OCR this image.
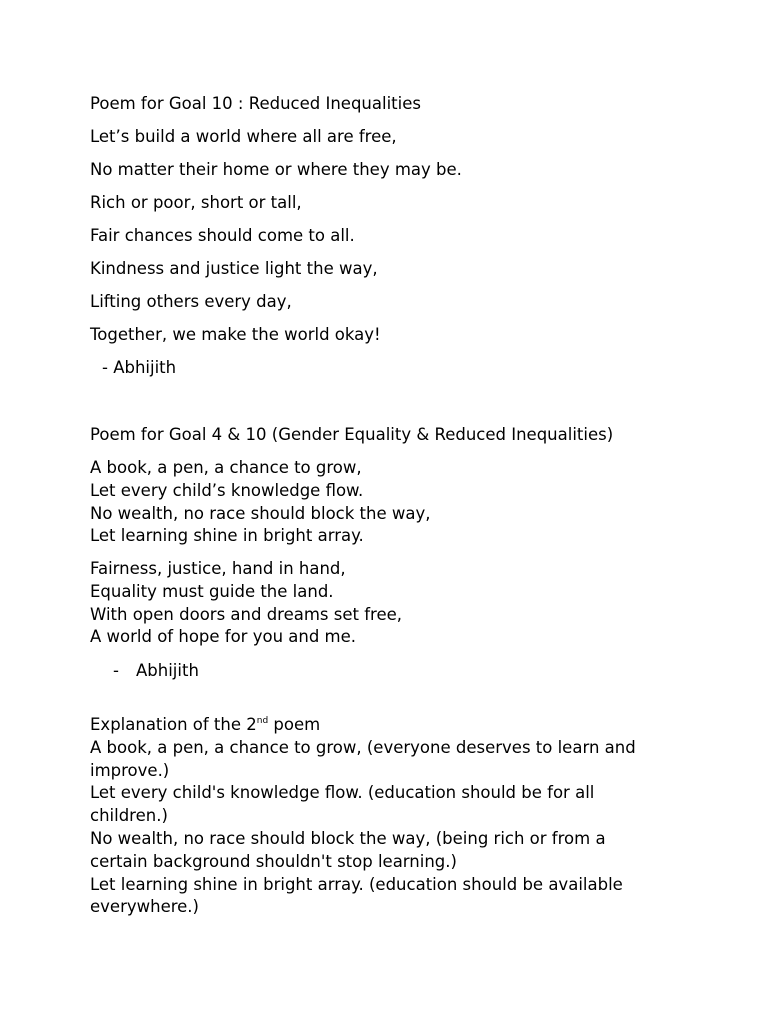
Poem for Goal 10 : Reduced Inequalities
Let’s build a world where all are free,
No matter their home or where they may be.
Rich or poor, short or tall,
Fair chances should come to all.
Kindness and justice light the way,
Lifting others every day,
Together, we make the world okay!
- Abhijith
Poem for Goal 4 & 10 (Gender Equality & Reduced Inequalities)
A book, a pen, a chance to grow,
Let every child’s knowledge flow.
No wealth, no race should block the way,
Let learning shine in bright array.
Fairness, justice, hand in hand,
Equality must guide the land.
With open doors and dreams set free,
A world of hope for you and me.
- Abhijith
Explanation of the 2nd poem
A book, a pen, a chance to grow, (everyone deserves to learn and
improve.)
Let every child's knowledge flow. (education should be for all
children.)
No wealth, no race should block the way, (being rich or from a
certain background shouldn't stop learning.)
Let learning shine in bright array. (education should be available
everywhere.)
